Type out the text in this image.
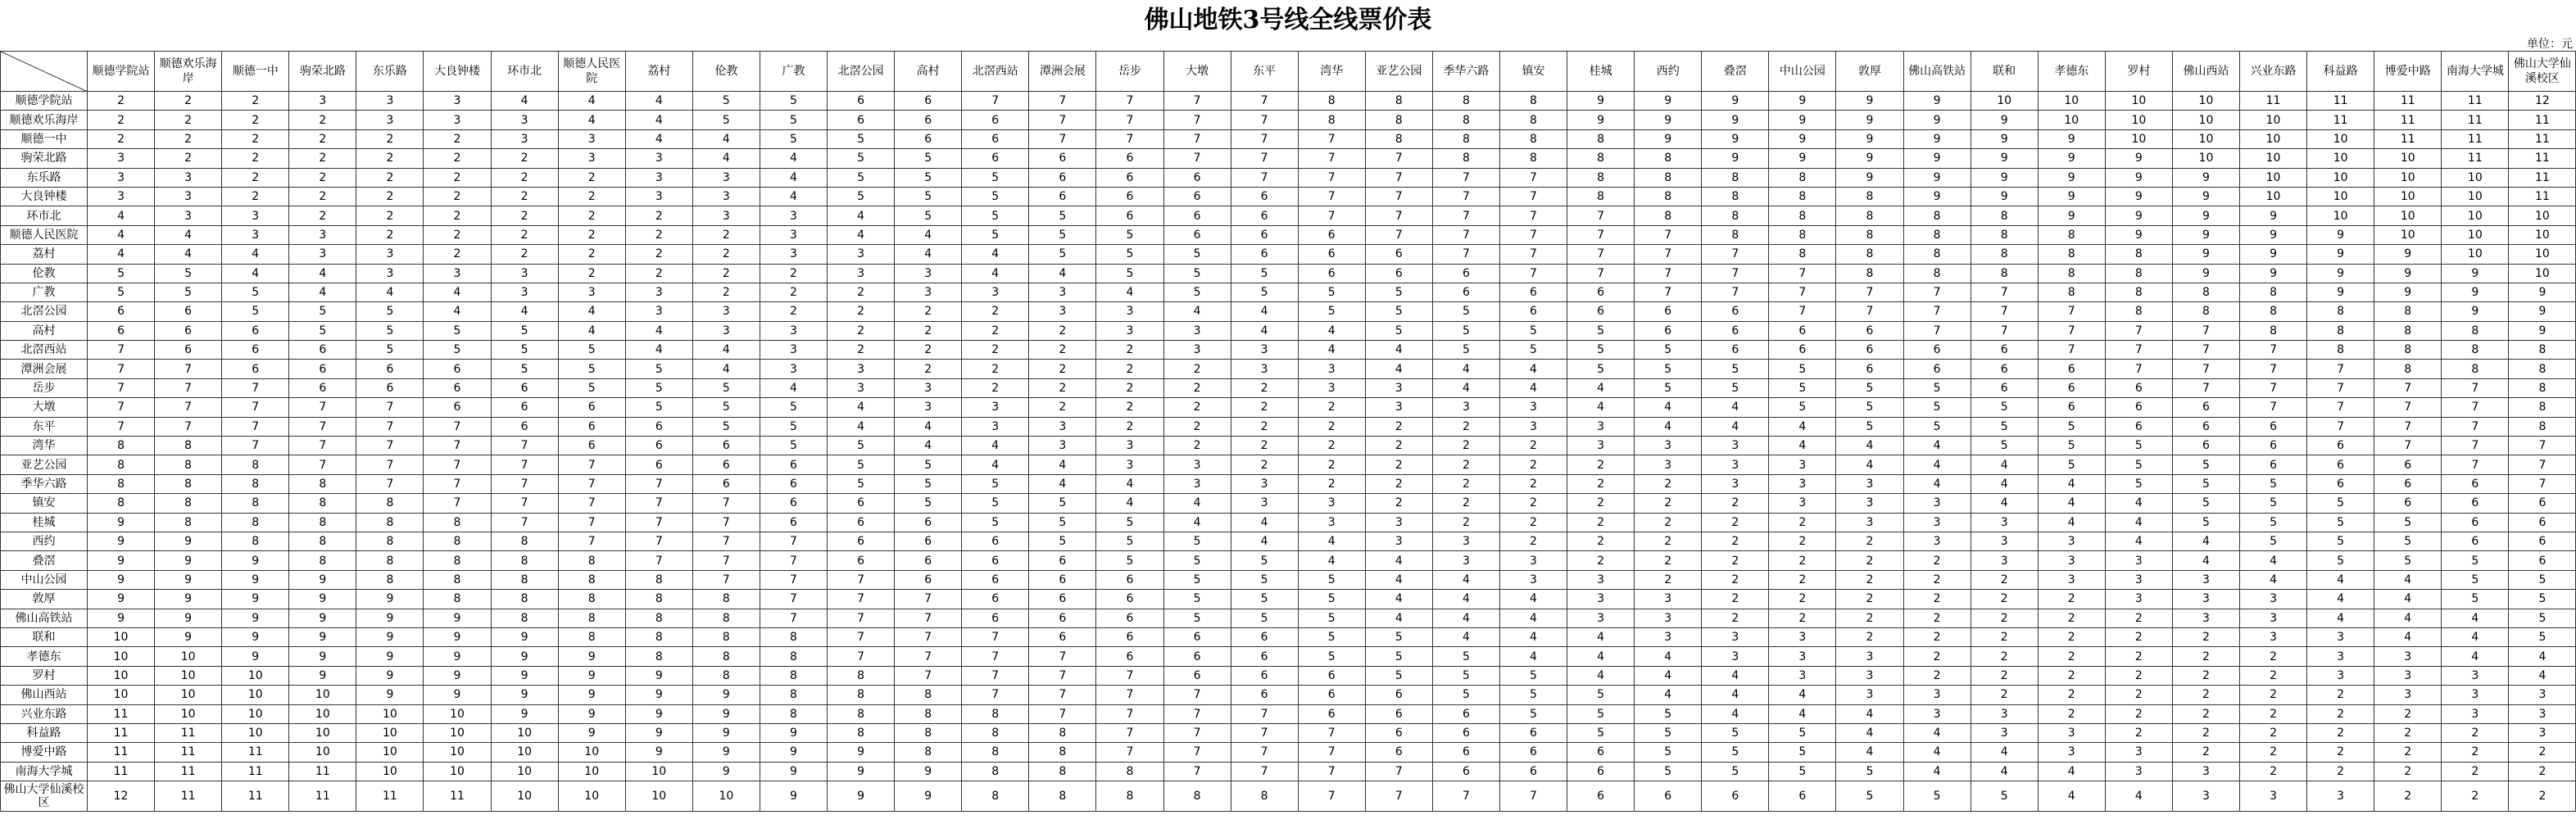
佛山地铁3号线全线票价表
单位：元
	顺德学院站	顺德欢乐海岸	顺德一中	驹荣北路	东乐路	大良钟楼	环市北	顺德人民医院	荔村	伦教	广教	北滘公园	高村	北滘西站	潭洲会展	岳步	大墩	东平	湾华	亚艺公园	季华六路	镇安	桂城	西约	叠滘	中山公园	敦厚	佛山高铁站	联和	孝德东	罗村	佛山西站	兴业东路	科益路	博爱中路	南海大学城	佛山大学仙溪校区
顺德学院站	2	2	2	3	3	3	4	4	4	5	5	6	6	7	7	7	7	7	8	8	8	8	9	9	9	9	9	9	10	10	10	10	11	11	11	11	12
顺德欢乐海岸	2	2	2	2	3	3	3	4	4	5	5	6	6	6	7	7	7	7	8	8	8	8	9	9	9	9	9	9	9	10	10	10	10	11	11	11	11
顺德一中	2	2	2	2	2	2	3	3	4	4	5	5	6	6	7	7	7	7	7	8	8	8	8	9	9	9	9	9	9	9	10	10	10	10	11	11	11
驹荣北路	3	2	2	2	2	2	2	3	3	4	4	5	5	6	6	6	7	7	7	7	8	8	8	8	9	9	9	9	9	9	9	10	10	10	10	11	11
东乐路	3	3	2	2	2	2	2	2	3	3	4	5	5	5	6	6	6	7	7	7	7	7	8	8	8	8	9	9	9	9	9	9	10	10	10	10	11
大良钟楼	3	3	2	2	2	2	2	2	3	3	4	5	5	5	6	6	6	6	7	7	7	7	8	8	8	8	8	9	9	9	9	9	10	10	10	10	11
环市北	4	3	3	2	2	2	2	2	2	3	3	4	5	5	5	6	6	6	7	7	7	7	7	8	8	8	8	8	8	9	9	9	9	10	10	10	10
顺德人民医院	4	4	3	3	2	2	2	2	2	2	3	4	4	5	5	5	6	6	6	7	7	7	7	7	8	8	8	8	8	8	9	9	9	9	10	10	10
荔村	4	4	4	3	3	2	2	2	2	2	3	3	4	4	5	5	5	6	6	6	7	7	7	7	7	8	8	8	8	8	8	9	9	9	9	10	10
伦教	5	5	4	4	3	3	3	2	2	2	2	3	3	4	4	5	5	5	6	6	6	7	7	7	7	7	8	8	8	8	8	9	9	9	9	9	10
广教	5	5	5	4	4	4	3	3	3	2	2	2	3	3	3	4	5	5	5	5	6	6	6	7	7	7	7	7	7	8	8	8	8	9	9	9	9
北滘公园	6	6	5	5	5	4	4	4	3	3	2	2	2	2	3	3	4	4	5	5	5	6	6	6	6	7	7	7	7	7	8	8	8	8	8	9	9
高村	6	6	6	5	5	5	5	4	4	3	3	2	2	2	2	3	3	4	4	5	5	5	5	6	6	6	6	7	7	7	7	7	8	8	8	8	9
北滘西站	7	6	6	6	5	5	5	5	4	4	3	2	2	2	2	2	3	3	4	4	5	5	5	5	6	6	6	6	6	7	7	7	7	8	8	8	8
潭洲会展	7	7	6	6	6	6	5	5	5	4	3	3	2	2	2	2	2	3	3	4	4	4	5	5	5	5	6	6	6	6	7	7	7	7	8	8	8
岳步	7	7	7	6	6	6	6	5	5	5	4	3	3	2	2	2	2	2	3	3	4	4	4	5	5	5	5	5	6	6	6	7	7	7	7	7	8
大墩	7	7	7	7	7	6	6	6	5	5	5	4	3	3	2	2	2	2	2	3	3	3	4	4	4	5	5	5	5	6	6	6	7	7	7	7	8
东平	7	7	7	7	7	7	6	6	6	5	5	4	4	3	3	2	2	2	2	2	2	3	3	4	4	4	5	5	5	5	6	6	6	7	7	7	8
湾华	8	8	7	7	7	7	7	6	6	6	5	5	4	4	3	3	2	2	2	2	2	2	3	3	3	4	4	4	5	5	5	6	6	6	7	7	7
亚艺公园	8	8	8	7	7	7	7	7	6	6	6	5	5	4	4	3	3	2	2	2	2	2	2	3	3	3	4	4	4	5	5	5	6	6	6	7	7
季华六路	8	8	8	8	7	7	7	7	7	6	6	5	5	5	4	4	3	3	2	2	2	2	2	2	3	3	3	4	4	4	5	5	5	6	6	6	7
镇安	8	8	8	8	8	7	7	7	7	7	6	6	5	5	5	4	4	3	3	2	2	2	2	2	2	3	3	3	4	4	4	5	5	5	6	6	6
桂城	9	8	8	8	8	8	7	7	7	7	6	6	6	5	5	5	4	4	3	3	2	2	2	2	2	2	3	3	3	4	4	5	5	5	5	6	6
西约	9	9	8	8	8	8	8	7	7	7	7	6	6	6	5	5	5	4	4	3	3	2	2	2	2	2	2	3	3	3	4	4	5	5	5	6	6
叠滘	9	9	9	8	8	8	8	8	7	7	7	6	6	6	6	5	5	5	4	4	3	3	2	2	2	2	2	2	3	3	3	4	4	5	5	5	6
中山公园	9	9	9	9	8	8	8	8	8	7	7	7	6	6	6	6	5	5	5	4	4	3	3	2	2	2	2	2	2	3	3	3	4	4	4	5	5
敦厚	9	9	9	9	9	8	8	8	8	8	7	7	7	6	6	6	5	5	5	4	4	4	3	3	2	2	2	2	2	2	3	3	3	4	4	5	5
佛山高铁站	9	9	9	9	9	9	8	8	8	8	7	7	7	6	6	6	5	5	5	4	4	4	3	3	2	2	2	2	2	2	2	3	3	4	4	4	5
联和	10	9	9	9	9	9	9	8	8	8	8	7	7	7	6	6	6	6	5	5	4	4	4	3	3	3	2	2	2	2	2	2	3	3	4	4	5
孝德东	10	10	9	9	9	9	9	9	8	8	8	7	7	7	7	6	6	6	5	5	5	4	4	4	3	3	3	2	2	2	2	2	2	3	3	4	4
罗村	10	10	10	9	9	9	9	9	9	8	8	8	7	7	7	7	6	6	6	5	5	5	4	4	4	3	3	2	2	2	2	2	2	3	3	3	4
佛山西站	10	10	10	10	9	9	9	9	9	9	8	8	8	7	7	7	7	6	6	6	5	5	5	4	4	4	3	3	2	2	2	2	2	2	3	3	3
兴业东路	11	10	10	10	10	10	9	9	9	9	8	8	8	8	7	7	7	7	6	6	6	5	5	5	4	4	4	3	3	2	2	2	2	2	2	3	3
科益路	11	11	10	10	10	10	10	9	9	9	9	8	8	8	8	7	7	7	7	6	6	6	5	5	5	5	4	4	3	3	2	2	2	2	2	2	3
博爱中路	11	11	11	10	10	10	10	10	9	9	9	9	8	8	8	7	7	7	7	6	6	6	6	5	5	5	4	4	4	3	3	2	2	2	2	2	2
南海大学城	11	11	11	11	10	10	10	10	10	9	9	9	9	8	8	8	7	7	7	7	6	6	6	5	5	5	5	4	4	4	3	3	2	2	2	2	2
佛山大学仙溪校区	12	11	11	11	11	11	10	10	10	10	9	9	9	8	8	8	8	8	7	7	7	7	6	6	6	6	5	5	5	4	4	3	3	3	2	2	2
